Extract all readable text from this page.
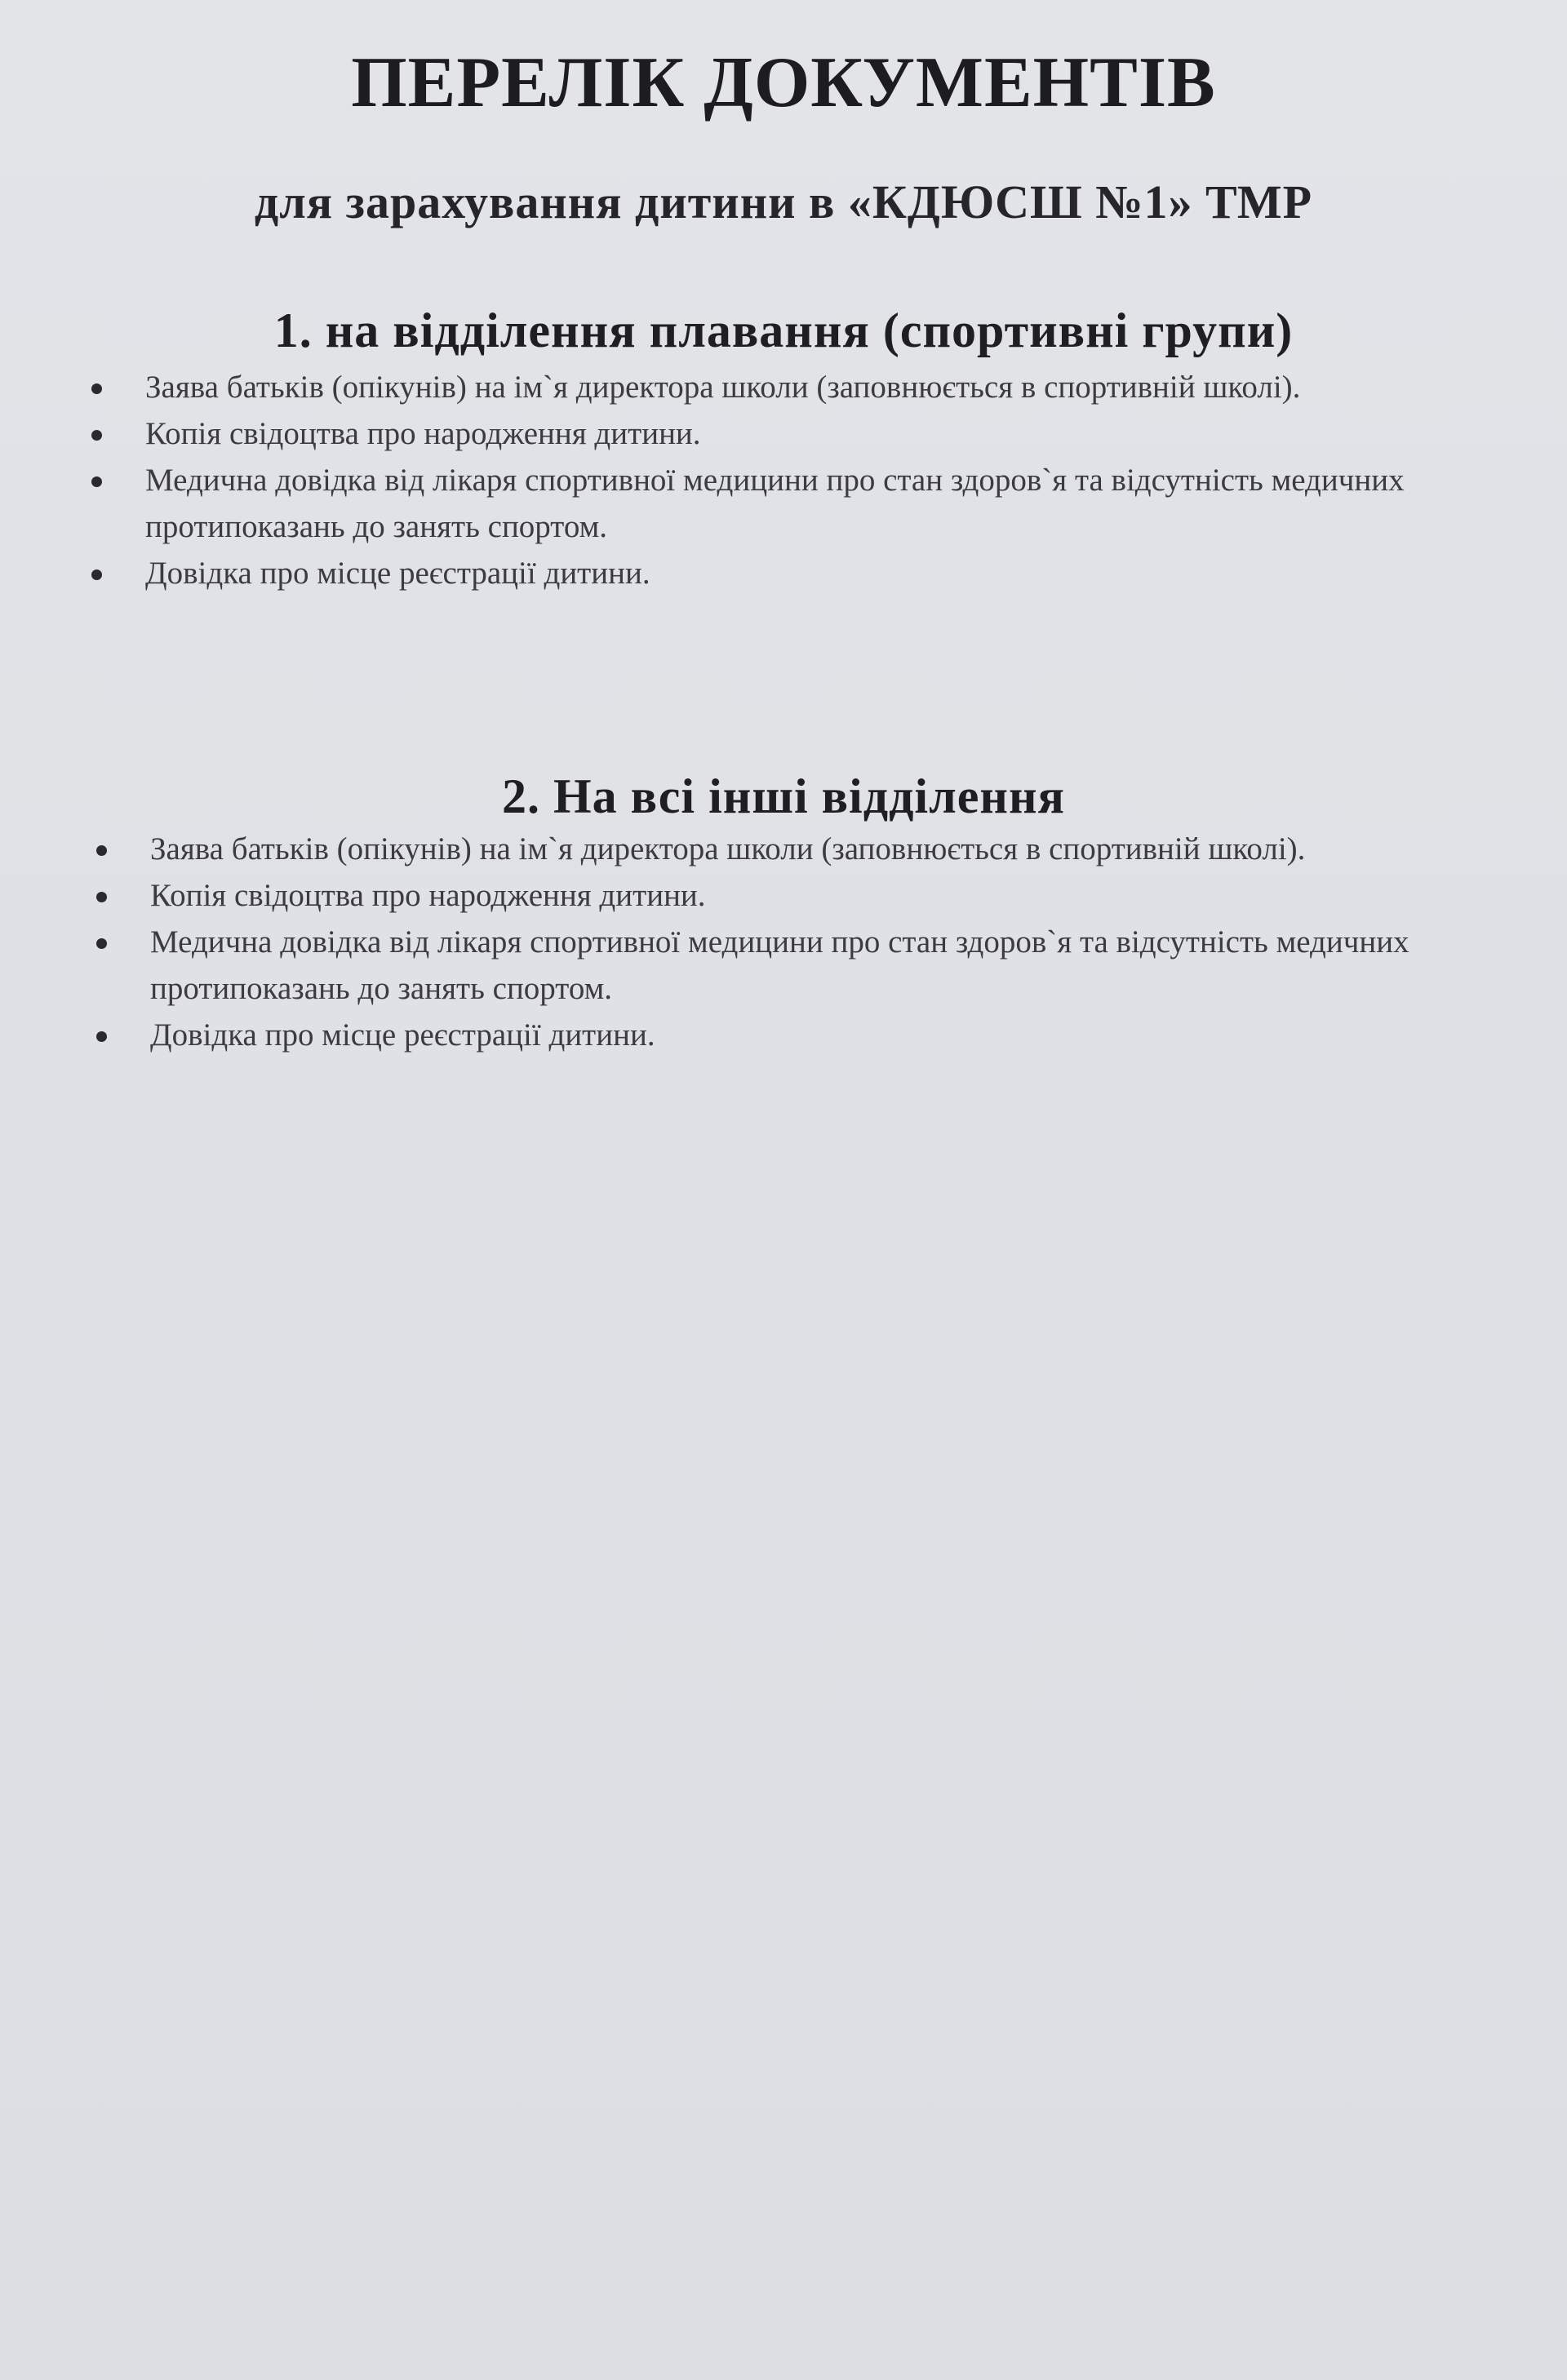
ПЕРЕЛІК ДОКУМЕНТІВ
для зарахування дитини в «КДЮСШ №1» ТМР
1. на відділення плавання (спортивні групи)
Заява батьків (опікунів) на ім`я директора школи (заповнюється в спортивній школі).
Копія свідоцтва про народження дитини.
Медична довідка від лікаря спортивної медицини про стан здоров`я та відсутність медичних протипоказань до занять спортом.
Довідка про місце реєстрації дитини.
2. На всі інші відділення
Заява батьків (опікунів) на ім`я директора школи (заповнюється в спортивній школі).
Копія свідоцтва про народження дитини.
Медична довідка від лікаря спортивної медицини про стан здоров`я та відсутність медичних протипоказань до занять спортом.
Довідка про місце реєстрації дитини.
